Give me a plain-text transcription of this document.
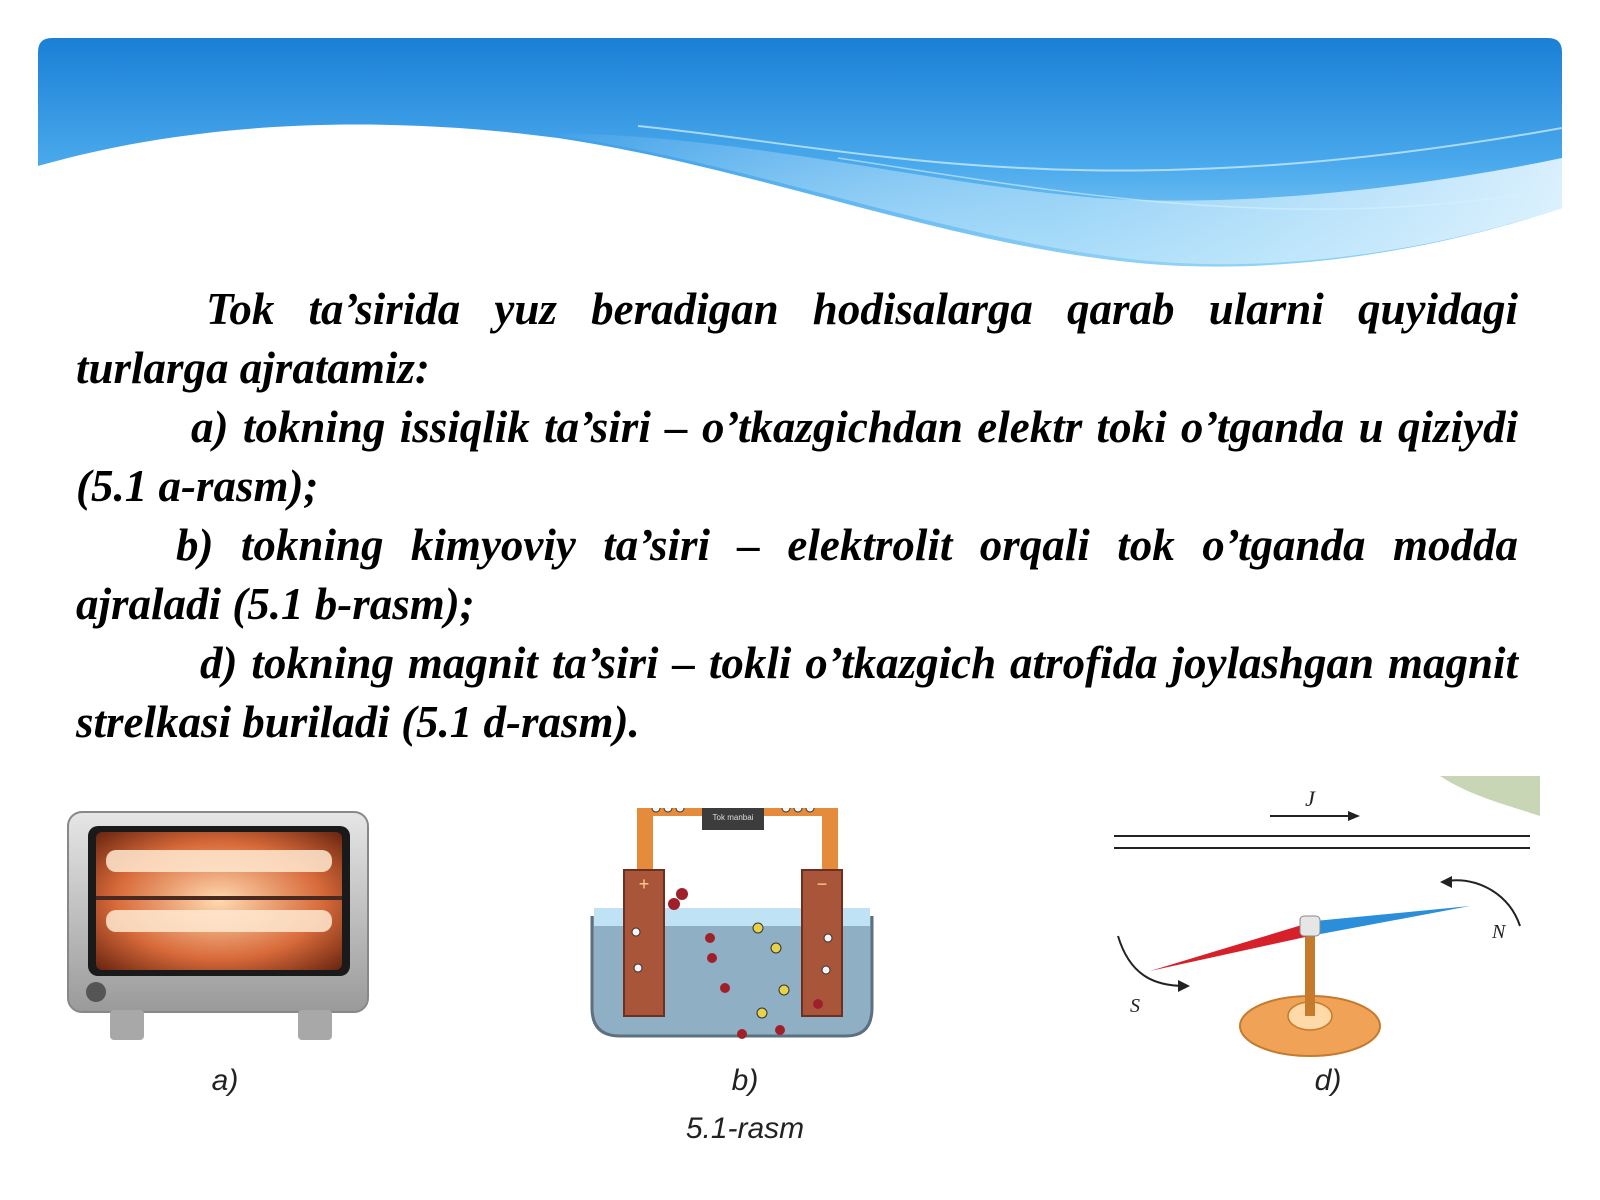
Tok ta’sirida yuz beradigan hodisalarga qarab ularni quyidagi turlarga ajratamiz:

a) tokning issiqlik ta’siri – o’tkazgichdan elektr toki o’tganda u qiziydi (5.1 a-rasm);

b) tokning kimyoviy ta’siri – elektrolit orqali tok o’tganda modda ajraladi (5.1 b-rasm);

d) tokning magnit ta’siri – tokli o’tkazgich atrofida joylashgan magnit strelkasi buriladi (5.1 d-rasm).

a)
Tok manbai
+	−
b)
5.1-rasm
J
N
S
d)
